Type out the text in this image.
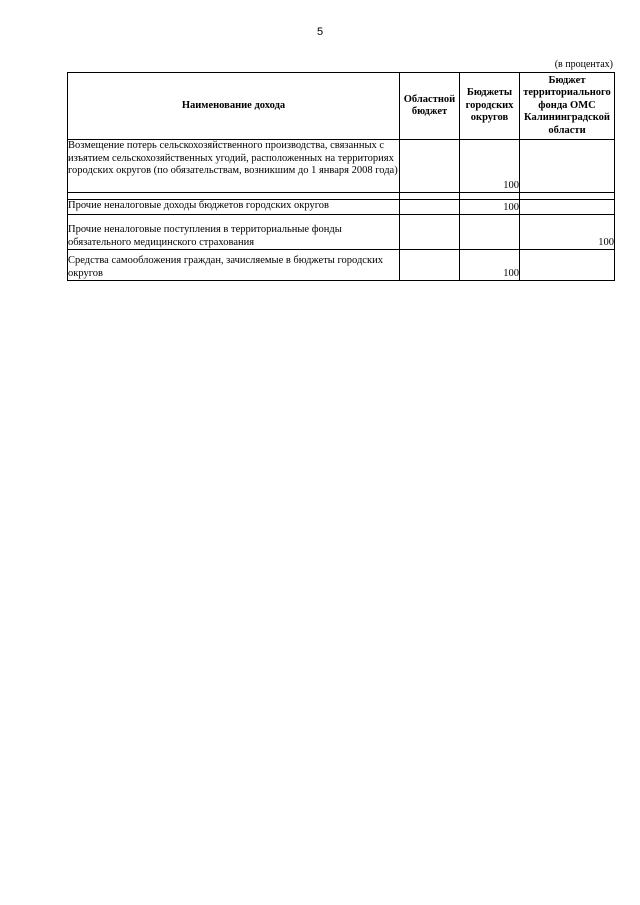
5
(в процентах)
Наименование дохода	Областной бюджет	Бюджеты городских округов	Бюджет территориального фонда ОМС Калининградской области
Возмещение потерь сельскохозяйственного производства, связанных с изъятием сельскохозяйственных угодий, расположенных на территориях городских округов (по обязательствам, возникшим до 1 января 2008 года)		100	

Прочие неналоговые доходы бюджетов городских округов		100	
Прочие неналоговые поступления в территориальные фонды обязательного медицинского страхования			100
Средства самообложения граждан, зачисляемые в бюджеты городских округов		100	
